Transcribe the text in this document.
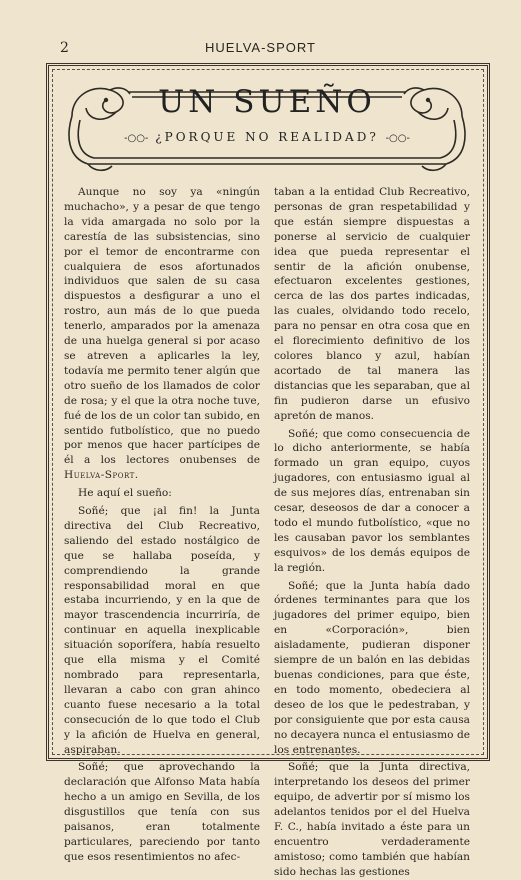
2	HUELVA-SPORT
UN SUEÑO
-○○- ¿PORQUE NO REALIDAD? -○○-

Aunque no soy ya «ningún muchacho», y a pesar de que tengo la vida amargada no solo por la carestía de las subsistencias, sino por el temor de encontrarme con cualquiera de esos afortunados individuos que salen de su casa dispuestos a desfigurar a uno el rostro, aun más de lo que pueda tenerlo, amparados por la amenaza de una huelga general si por acaso se atreven a aplicarles la ley, todavía me permito tener algún que otro sueño de los llamados de color de rosa; y el que la otra noche tuve, fué de los de un color tan subido, en sentido futbolístico, que no puedo por menos que hacer partícipes de él a los lectores onubenses de Huelva-Sport.

He aquí el sueño:

Soñé; que ¡al fin! la Junta directiva del Club Recreativo, saliendo del estado nostálgico de que se hallaba poseída, y comprendiendo la grande responsabilidad moral en que estaba incurriendo, y en la que de mayor trascendencia incurriría, de continuar en aquella inexplicable situación soporífera, había resuelto que ella misma y el Comité nombrado para representarla, llevaran a cabo con gran ahinco cuanto fuese necesario a la total consecución de lo que todo el Club y la afición de Huelva en general, aspiraban.

Soñé; que aprovechando la declaración que Alfonso Mata había hecho a un amigo en Sevilla, de los disgustillos que tenía con sus paisanos, eran totalmente particulares, pareciendo por tanto que esos resentimientos no afec-

taban a la entidad Club Recreativo, personas de gran respetabilidad y que están siempre dispuestas a ponerse al servicio de cualquier idea que pueda representar el sentir de la afición onubense, efectuaron excelentes gestiones, cerca de las dos partes indicadas, las cuales, olvidando todo recelo, para no pensar en otra cosa que en el florecimiento definitivo de los colores blanco y azul, habían acortado de tal manera las distancias que les separaban, que al fin pudieron darse un efusivo apretón de manos.

Soñé; que como consecuencia de lo dicho anteriormente, se había formado un gran equipo, cuyos jugadores, con entusiasmo igual al de sus mejores días, entrenaban sin cesar, deseosos de dar a conocer a todo el mundo futbolístico, «que no les causaban pavor los semblantes esquivos» de los demás equipos de la región.

Soñé; que la Junta había dado órdenes terminantes para que los jugadores del primer equipo, bien en «Corporación», bien aisladamente, pudieran disponer siempre de un balón en las debidas buenas condiciones, para que éste, en todo momento, obedeciera al deseo de los que le pedestraban, y por consiguiente que por esta causa no decayera nunca el entusiasmo de los entrenantes.

Soñé; que la Junta directiva, interpretando los deseos del primer equipo, de advertir por sí mismo los adelantos tenidos por el del Huelva F. C., había invitado a éste para un encuentro verdaderamente amistoso; como también que habían sido hechas las gestiones
